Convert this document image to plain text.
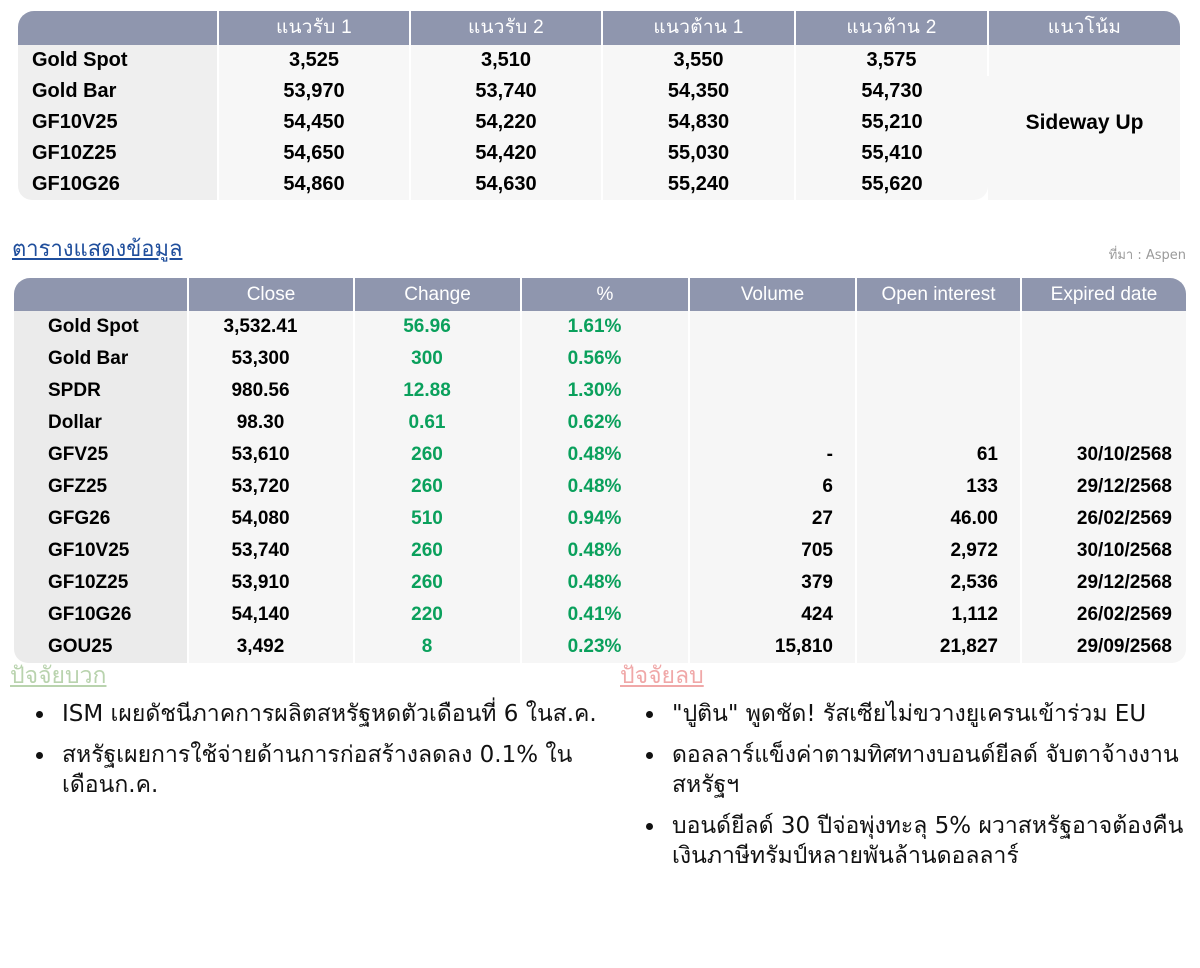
	แนวรับ 1	แนวรับ 2	แนวต้าน 1	แนวต้าน 2	แนวโน้ม
Gold Spot	3,525	3,510	3,550	3,575	Sideway Up
Gold Bar	53,970	53,740	54,350	54,730	
GF10V25	54,450	54,220	54,830	55,210	
GF10Z25	54,650	54,420	55,030	55,410	
GF10G26	54,860	54,630	55,240	55,620	
ตารางแสดงข้อมูล	ที่มา : Aspen
	Close	Change	%	Volume	Open interest	Expired date
Gold Spot	3,532.41	56.96	1.61%			
Gold Bar	53,300	300	0.56%			
SPDR	980.56	12.88	1.30%			
Dollar	98.30	0.61	0.62%			
GFV25	53,610	260	0.48%	-	61	30/10/2568
GFZ25	53,720	260	0.48%	6	133	29/12/2568
GFG26	54,080	510	0.94%	27	46.00	26/02/2569
GF10V25	53,740	260	0.48%	705	2,972	30/10/2568
GF10Z25	53,910	260	0.48%	379	2,536	29/12/2568
GF10G26	54,140	220	0.41%	424	1,112	26/02/2569
GOU25	3,492	8	0.23%	15,810	21,827	29/09/2568
ปัจจัยบวก
• ISM เผยดัชนีภาคการผลิตสหรัฐหดตัวเดือนที่ 6 ในส.ค.
• สหรัฐเผยการใช้จ่ายด้านการก่อสร้างลดลง 0.1% ในเดือนก.ค.
ปัจจัยลบ
• "ปูติน" พูดชัด! รัสเซียไม่ขวางยูเครนเข้าร่วม EU
• ดอลลาร์แข็งค่าตามทิศทางบอนด์ยีลด์ จับตาจ้างงานสหรัฐฯ
• บอนด์ยีลด์ 30 ปีจ่อพุ่งทะลุ 5% ผวาสหรัฐอาจต้องคืนเงินภาษีทรัมป์หลายพันล้านดอลลาร์
